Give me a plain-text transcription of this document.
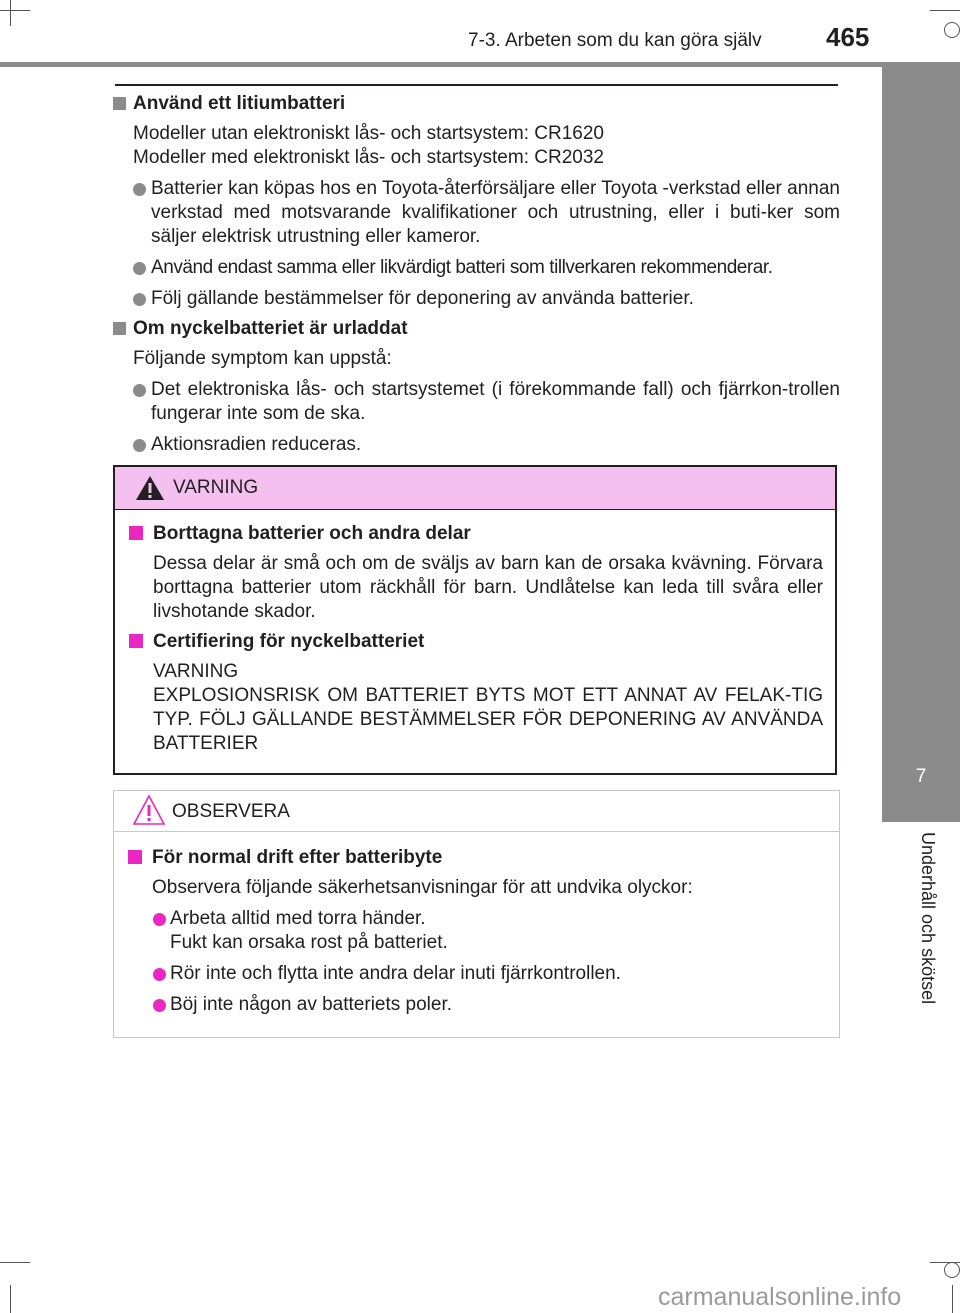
7-3. Arbeten som du kan göra själv 465
7
Underhåll och skötsel
Använd ett litiumbatteri
Modeller utan elektroniskt lås- och startsystem: CR1620
Modeller med elektroniskt lås- och startsystem: CR2032
Batterier kan köpas hos en Toyota-återförsäljare eller Toyota -verkstad eller annan verkstad med motsvarande kvalifikationer och utrustning, eller i buti-ker som säljer elektrisk utrustning eller kameror.
Använd endast samma eller likvärdigt batteri som tillverkaren rekommenderar.
Följ gällande bestämmelser för deponering av använda batterier.
Om nyckelbatteriet är urladdat
Följande symptom kan uppstå:
Det elektroniska lås- och startsystemet (i förekommande fall) och fjärrkon-trollen fungerar inte som de ska.
Aktionsradien reduceras.
VARNING
Borttagna batterier och andra delar
Dessa delar är små och om de sväljs av barn kan de orsaka kvävning. Förvara borttagna batterier utom räckhåll för barn. Undlåtelse kan leda till svåra eller livshotande skador.
Certifiering för nyckelbatteriet
VARNING
EXPLOSIONSRISK OM BATTERIET BYTS MOT ETT ANNAT AV FELAK-TIG TYP. FÖLJ GÄLLANDE BESTÄMMELSER FÖR DEPONERING AV ANVÄNDA BATTERIER
OBSERVERA
För normal drift efter batteribyte
Observera följande säkerhetsanvisningar för att undvika olyckor:
Arbeta alltid med torra händer.
Fukt kan orsaka rost på batteriet.
Rör inte och flytta inte andra delar inuti fjärrkontrollen.
Böj inte någon av batteriets poler.
carmanualsonline.info
